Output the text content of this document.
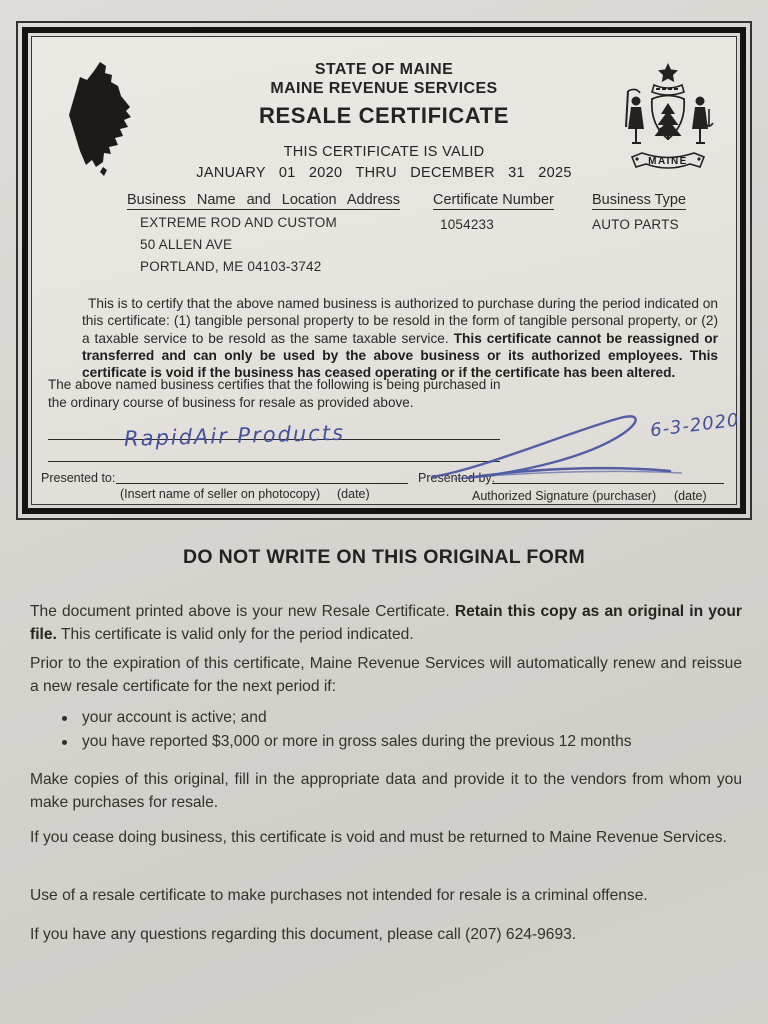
MAINE
STATE OF MAINE
MAINE REVENUE SERVICES
RESALE CERTIFICATE
THIS CERTIFICATE IS VALID
JANUARY 01 2020 THRU DECEMBER 31 2025
Business Name and Location Address Certificate Number	Business Type
EXTREME ROD AND CUSTOM
50 ALLEN AVE
PORTLAND, ME 04103-3742
1054233	AUTO PARTS

This is to certify that the above named business is authorized to purchase during the period indicated on this certificate: (1) tangible personal property to be resold in the form of tangible personal property, or (2) a taxable service to be resold as the same taxable service. This certificate cannot be reassigned or transferred and can only be used by the above business or its authorized employees. This certificate is void if the business has ceased operating or if the certificate has been altered.

The above named business certifies that the following is being purchased in
the ordinary course of business for resale as provided above.
Presented to:
RapidAir Products
(Insert name of seller on photocopy) (date)
Presented by:
6-3-2020
Authorized Signature (purchaser) (date)
DO NOT WRITE ON THIS ORIGINAL FORM

The document printed above is your new Resale Certificate. Retain this copy as an original in your file. This certificate is valid only for the period indicated.

Prior to the expiration of this certificate, Maine Revenue Services will automatically renew and reissue a new resale certificate for the next period if:

your account is active; and
you have reported $3,000 or more in gross sales during the previous 12 months

Make copies of this original, fill in the appropriate data and provide it to the vendors from whom you make purchases for resale.

If you cease doing business, this certificate is void and must be returned to Maine Revenue Services.

Use of a resale certificate to make purchases not intended for resale is a criminal offense.

If you have any questions regarding this document, please call (207) 624-9693.
